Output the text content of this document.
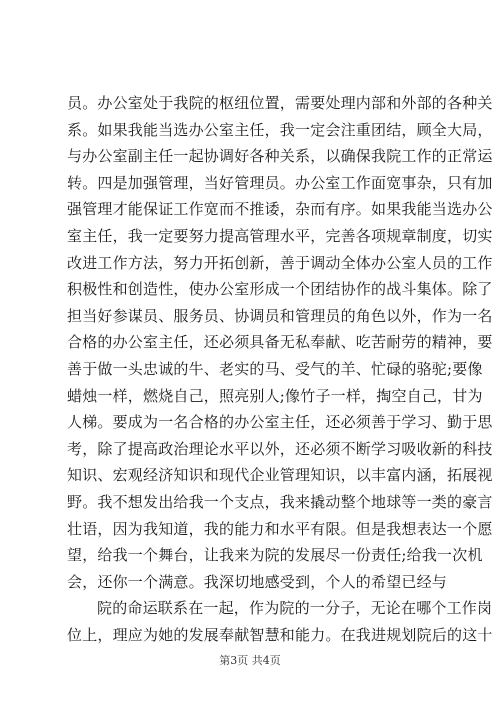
员。办公室处于我院的枢纽位置，需要处理内部和外部的各种关
系。如果我能当选办公室主任，我一定会注重团结，顾全大局，
与办公室副主任一起协调好各种关系，以确保我院工作的正常运
转。四是加强管理，当好管理员。办公室工作面宽事杂，只有加
强管理才能保证工作宽而不推诿，杂而有序。如果我能当选办公
室主任，我一定要努力提高管理水平，完善各项规章制度，切实
改进工作方法，努力开拓创新，善于调动全体办公室人员的工作
积极性和创造性，使办公室形成一个团结协作的战斗集体。除了
担当好参谋员、服务员、协调员和管理员的角色以外，作为一名
合格的办公室主任，还必须具备无私奉献、吃苦耐劳的精神，要
善于做一头忠诚的牛、老实的马、受气的羊、忙碌的骆驼;要像
蜡烛一样，燃烧自己，照亮别人;像竹子一样，掏空自己，甘为
人梯。要成为一名合格的办公室主任，还必须善于学习、勤于思
考，除了提高政治理论水平以外，还必须不断学习吸收新的科技
知识、宏观经济知识和现代企业管理知识，以丰富内涵，拓展视
野。我不想发出给我一个支点，我来撬动整个地球等一类的豪言
壮语，因为我知道，我的能力和水平有限。但是我想表达一个愿
望，给我一个舞台，让我来为院的发展尽一份责任;给我一次机
会，还你一个满意。我深切地感受到，个人的希望已经与
院的命运联系在一起，作为院的一分子，无论在哪个工作岗
位上，理应为她的发展奉献智慧和能力。在我进规划院后的这十
第3页 共4页
